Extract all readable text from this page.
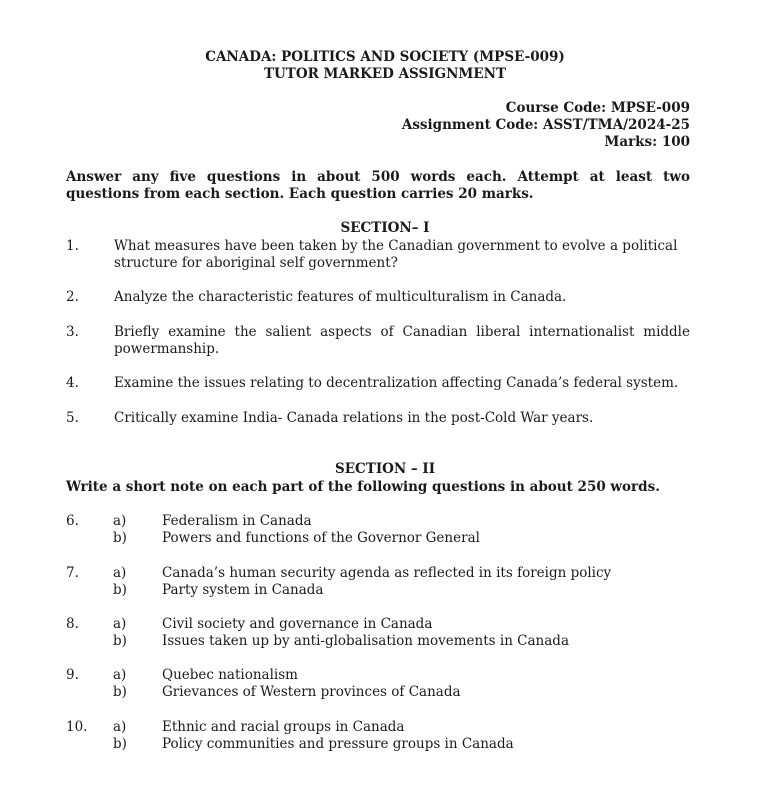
CANADA: POLITICS AND SOCIETY (MPSE-009)
TUTOR MARKED ASSIGNMENT
Course Code: MPSE-009
Assignment Code: ASST/TMA/2024-25
Marks: 100
Answer any five questions in about 500 words each. Attempt at least two questions from each section. Each question carries 20 marks.
SECTION– I
1.	What measures have been taken by the Canadian government to evolve a political structure for aboriginal self government?
2.	Analyze the characteristic features of multiculturalism in Canada.
3.	Briefly examine the salient aspects of Canadian liberal internationalist middle powermanship.
4.	Examine the issues relating to decentralization affecting Canada’s federal system.
5.	Critically examine India- Canada relations in the post-Cold War years.
SECTION – II
Write a short note on each part of the following questions in about 250 words.
6.	a)	Federalism in Canada
b)	Powers and functions of the Governor General
7.	a)	Canada’s human security agenda as reflected in its foreign policy
b)	Party system in Canada
8.	a)	Civil society and governance in Canada
b)	Issues taken up by anti-globalisation movements in Canada
9.	a)	Quebec nationalism
b)	Grievances of Western provinces of Canada
10. a)	Ethnic and racial groups in Canada
b)	Policy communities and pressure groups in Canada
